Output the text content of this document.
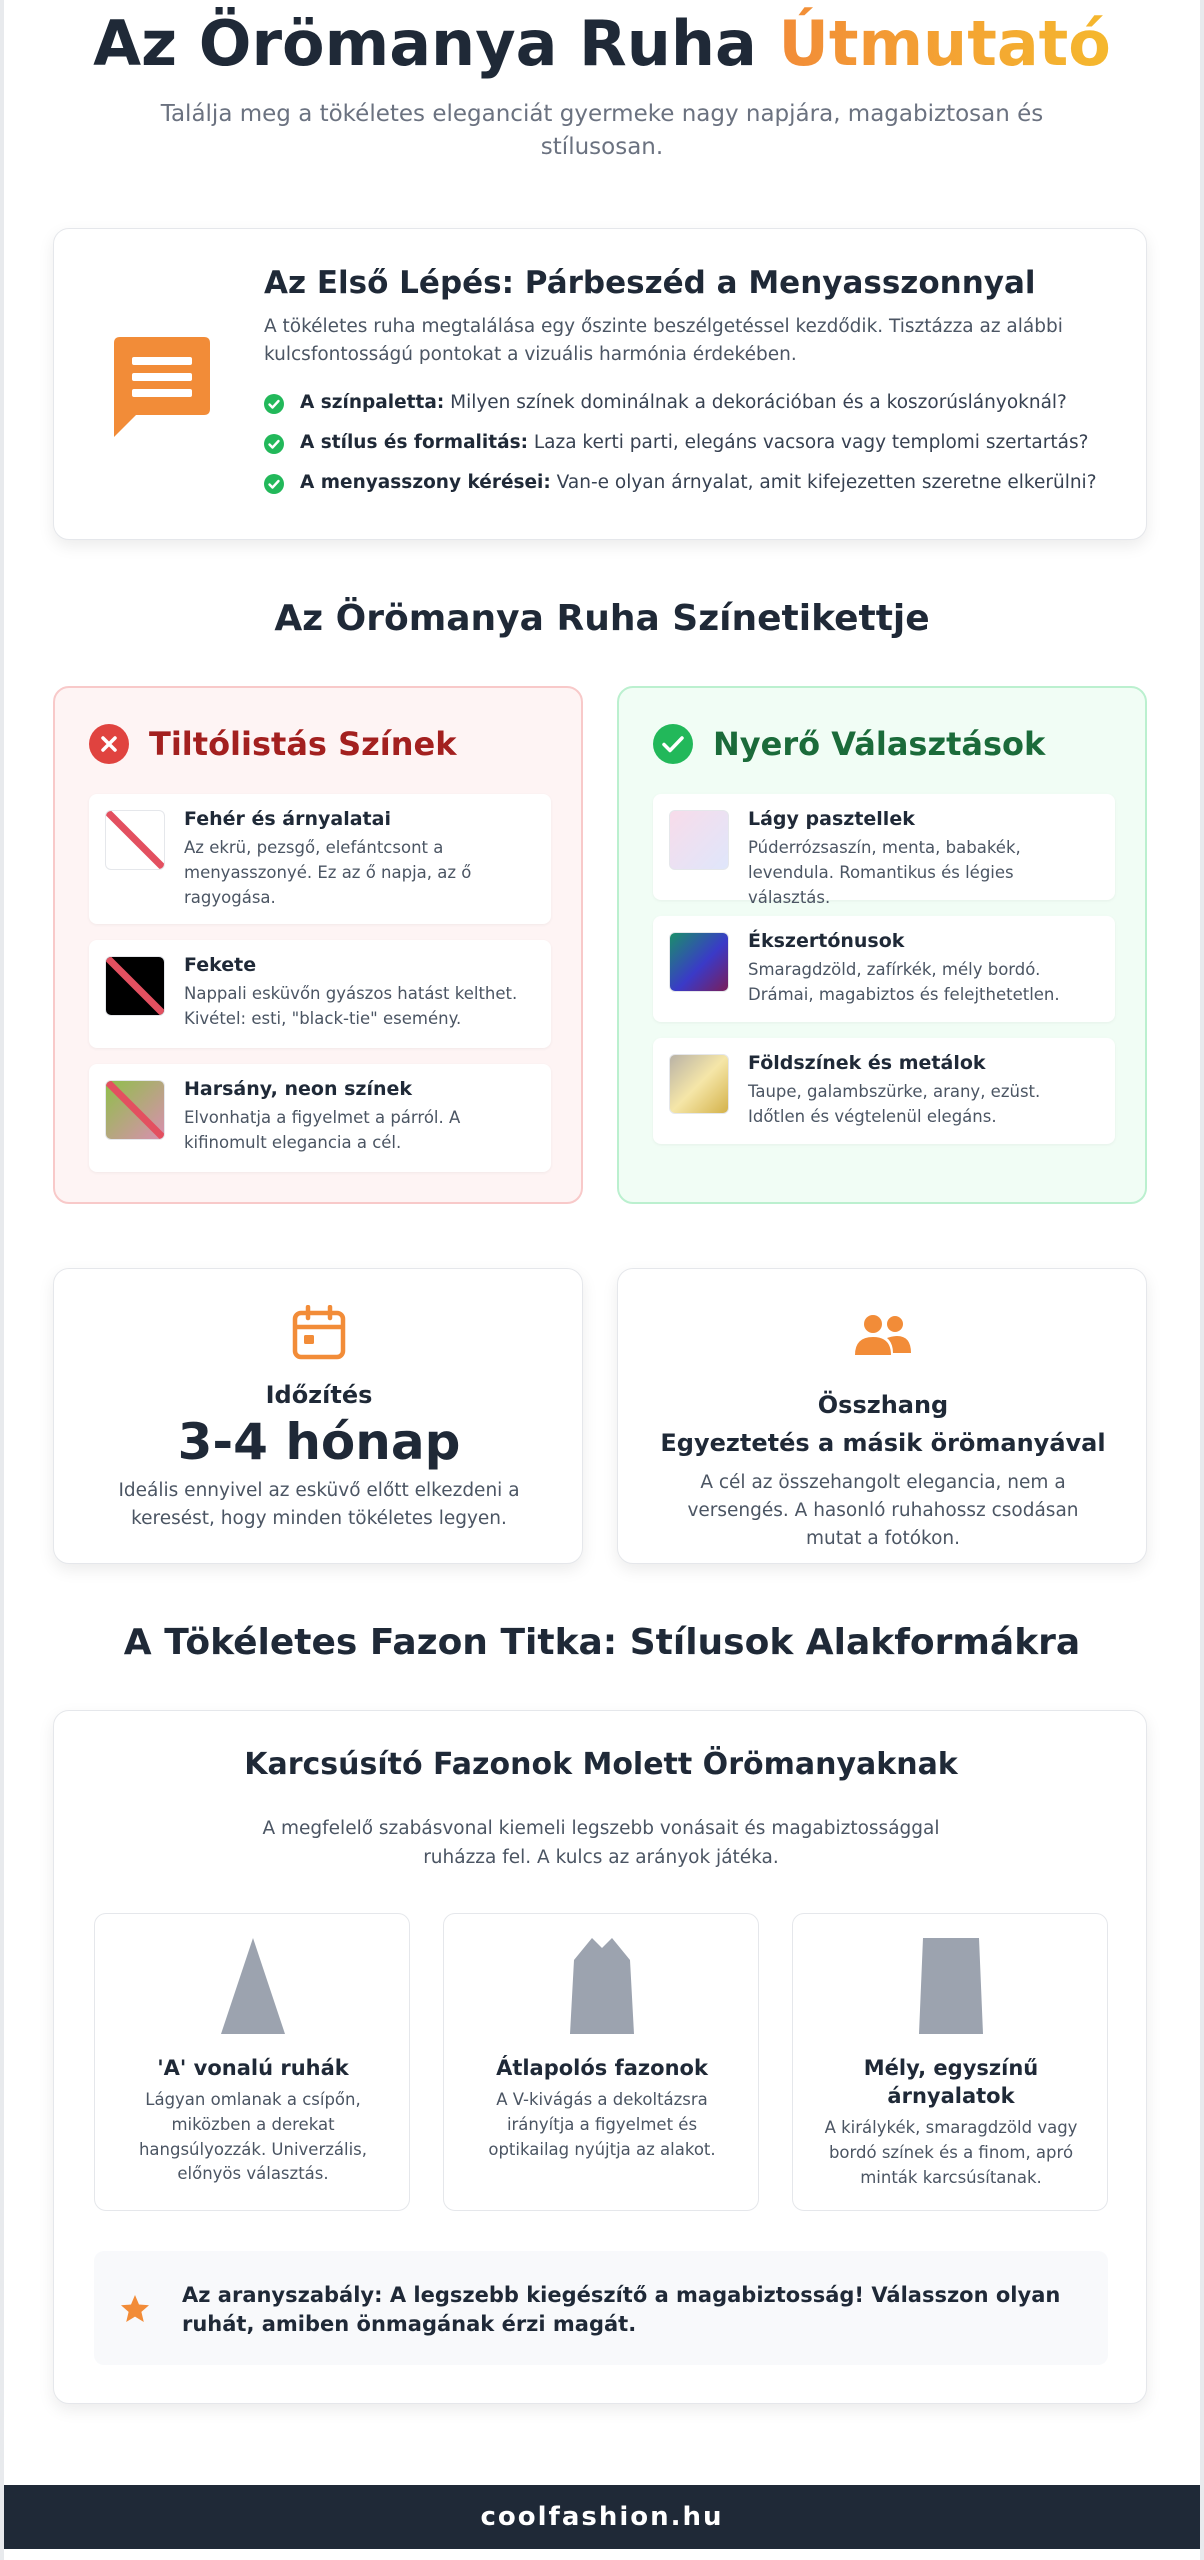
Az Örömanya Ruha Útmutató

Találja meg a tökéletes eleganciát gyermeke nagy napjára, magabiztosan és stílusosan.

Az Első Lépés: Párbeszéd a Menyasszonnyal

A tökéletes ruha megtalálása egy őszinte beszélgetéssel kezdődik. Tisztázza az alábbi kulcsfontosságú pontokat a vizuális harmónia érdekében.

A színpaletta: Milyen színek dominálnak a dekorációban és a koszorúslányoknál?
A stílus és formalitás: Laza kerti parti, elegáns vacsora vagy templomi szertartás?
A menyasszony kérései: Van-e olyan árnyalat, amit kifejezetten szeretne elkerülni?
Az Örömanya Ruha Színetikettje
Tiltólistás Színek

Fehér és árnyalatai

Az ekrü, pezsgő, elefántcsont a menyasszonyé. Ez az ő napja, az ő ragyogása.

Fekete

Nappali esküvőn gyászos hatást kelthet. Kivétel: esti, "black-tie" esemény.

Harsány, neon színek

Elvonhatja a figyelmet a párról. A kifinomult elegancia a cél.

Nyerő Választások

Lágy pasztellek

Púderrózsaszín, menta, babakék, levendula. Romantikus és légies választás.

Ékszertónusok

Smaragdzöld, zafírkék, mély bordó. Drámai, magabiztos és felejthetetlen.

Földszínek és metálok

Taupe, galambszürke, arany, ezüst. Időtlen és végtelenül elegáns.

Időzítés

3-4 hónap

Ideális ennyivel az esküvő előtt elkezdeni a keresést, hogy minden tökéletes legyen.

Összhang

Egyeztetés a másik örömanyával

A cél az összehangolt elegancia, nem a versengés. A hasonló ruhahossz csodásan mutat a fotókon.

A Tökéletes Fazon Titka: Stílusok Alakformákra
Karcsúsító Fazonok Molett Örömanyaknak

A megfelelő szabásvonal kiemeli legszebb vonásait és magabiztossággal ruházza fel. A kulcs az arányok játéka.

'A' vonalú ruhák

Lágyan omlanak a csípőn, miközben a derekat hangsúlyozzák. Univerzális, előnyös választás.

Átlapolós fazonok

A V-kivágás a dekoltázsra irányítja a figyelmet és optikailag nyújtja az alakot.

Mély, egyszínű árnyalatok

A királykék, smaragdzöld vagy bordó színek és a finom, apró minták karcsúsítanak.

Az aranyszabály: A legszebb kiegészítő a magabiztosság! Válasszon olyan ruhát, amiben önmagának érzi magát.

coolfashion.hu
